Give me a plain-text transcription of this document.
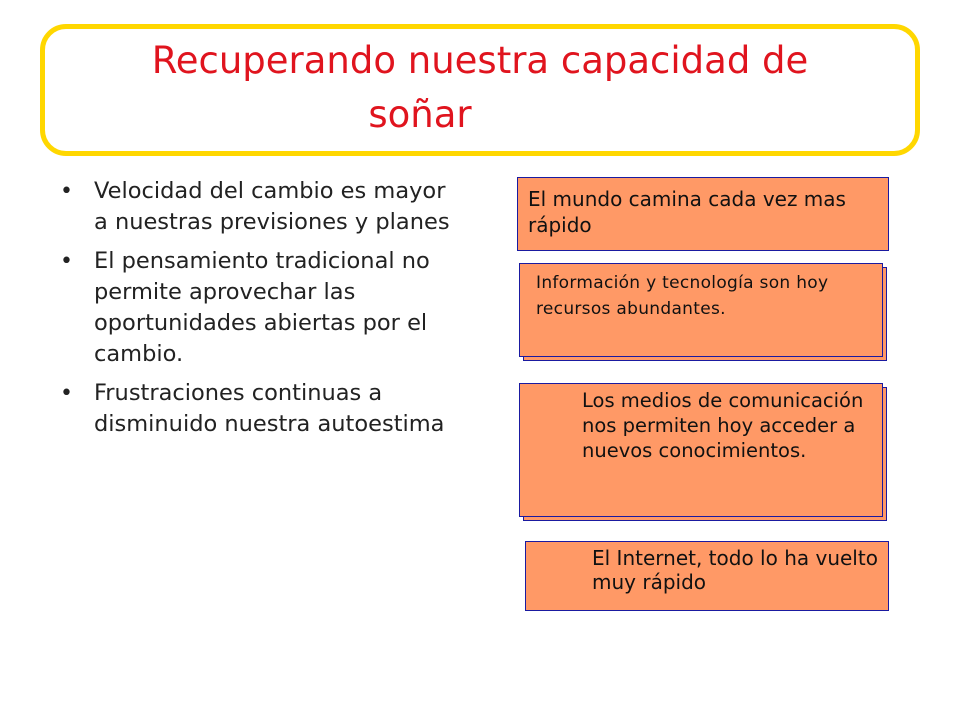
Recuperando nuestra capacidad de
soñar
• Velocidad del cambio es mayor a nuestras previsiones y planes
• El pensamiento tradicional no permite aprovechar las oportunidades abiertas por el cambio.
• Frustraciones continuas a disminuido nuestra autoestima
El mundo camina cada vez mas rápido
Información y tecnología son hoy recursos abundantes.
Los medios de comunicación nos permiten hoy acceder a nuevos conocimientos.
El Internet, todo lo ha vuelto muy rápido
